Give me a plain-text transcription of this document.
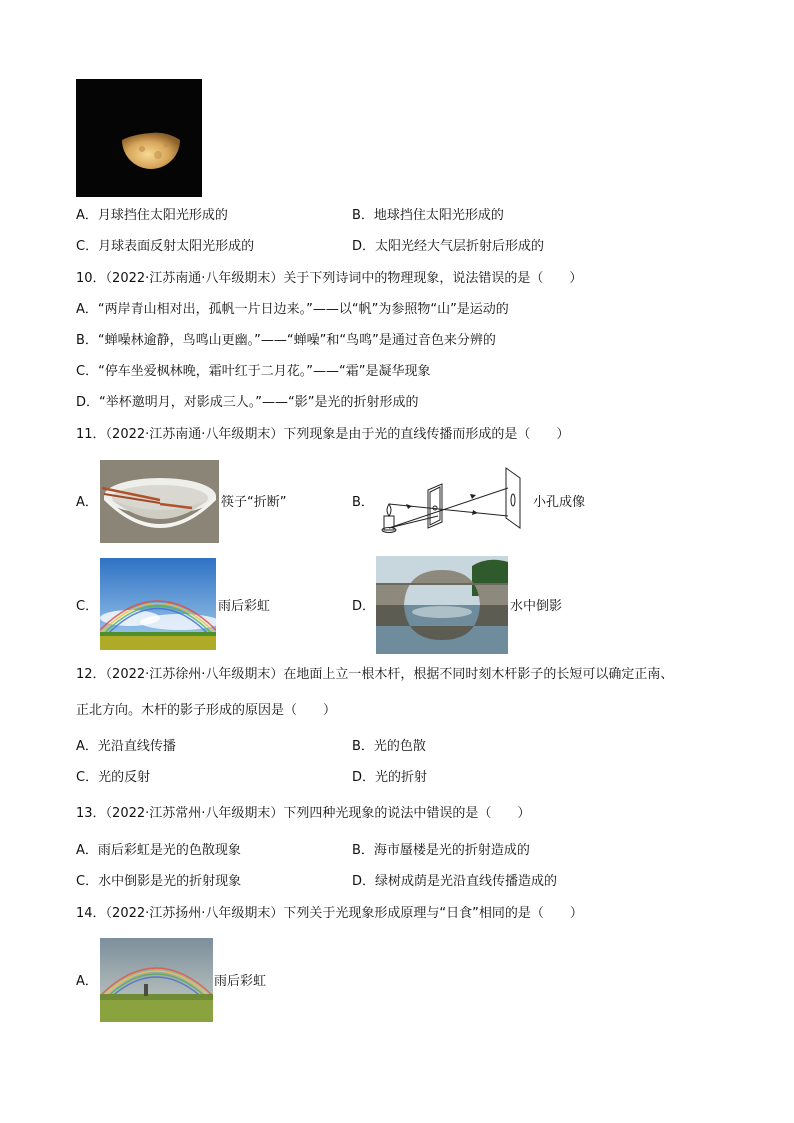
A．月球挡住太阳光形成的	B．地球挡住太阳光形成的
C．月球表面反射太阳光形成的	D．太阳光经大气层折射后形成的
10．（2022·江苏南通·八年级期末）关于下列诗词中的物理现象，说法错误的是（　　）
A．“两岸青山相对出，孤帆一片日边来。”——以“帆”为参照物“山”是运动的
B．“蝉噪林逾静，鸟鸣山更幽。”——“蝉噪”和“鸟鸣”是通过音色来分辨的
C．“停车坐爱枫林晚，霜叶红于二月花。”——“霜”是凝华现象
D．“举杯邀明月，对影成三人。”——“影”是光的折射形成的
11．（2022·江苏南通·八年级期末）下列现象是由于光的直线传播而形成的是（　　）
A．	筷子“折断”	B．	小孔成像
C．	雨后彩虹	D．	水中倒影
12．（2022·江苏徐州·八年级期末）在地面上立一根木杆，根据不同时刻木杆影子的长短可以确定正南、
正北方向。木杆的影子形成的原因是（　　）
A．光沿直线传播	B．光的色散
C．光的反射	D．光的折射
13．（2022·江苏常州·八年级期末）下列四种光现象的说法中错误的是（　　）
A．雨后彩虹是光的色散现象	B．海市蜃楼是光的折射造成的
C．水中倒影是光的折射现象	D．绿树成荫是光沿直线传播造成的
14．（2022·江苏扬州·八年级期末）下列关于光现象形成原理与“日食”相同的是（　　）
A．	雨后彩虹
